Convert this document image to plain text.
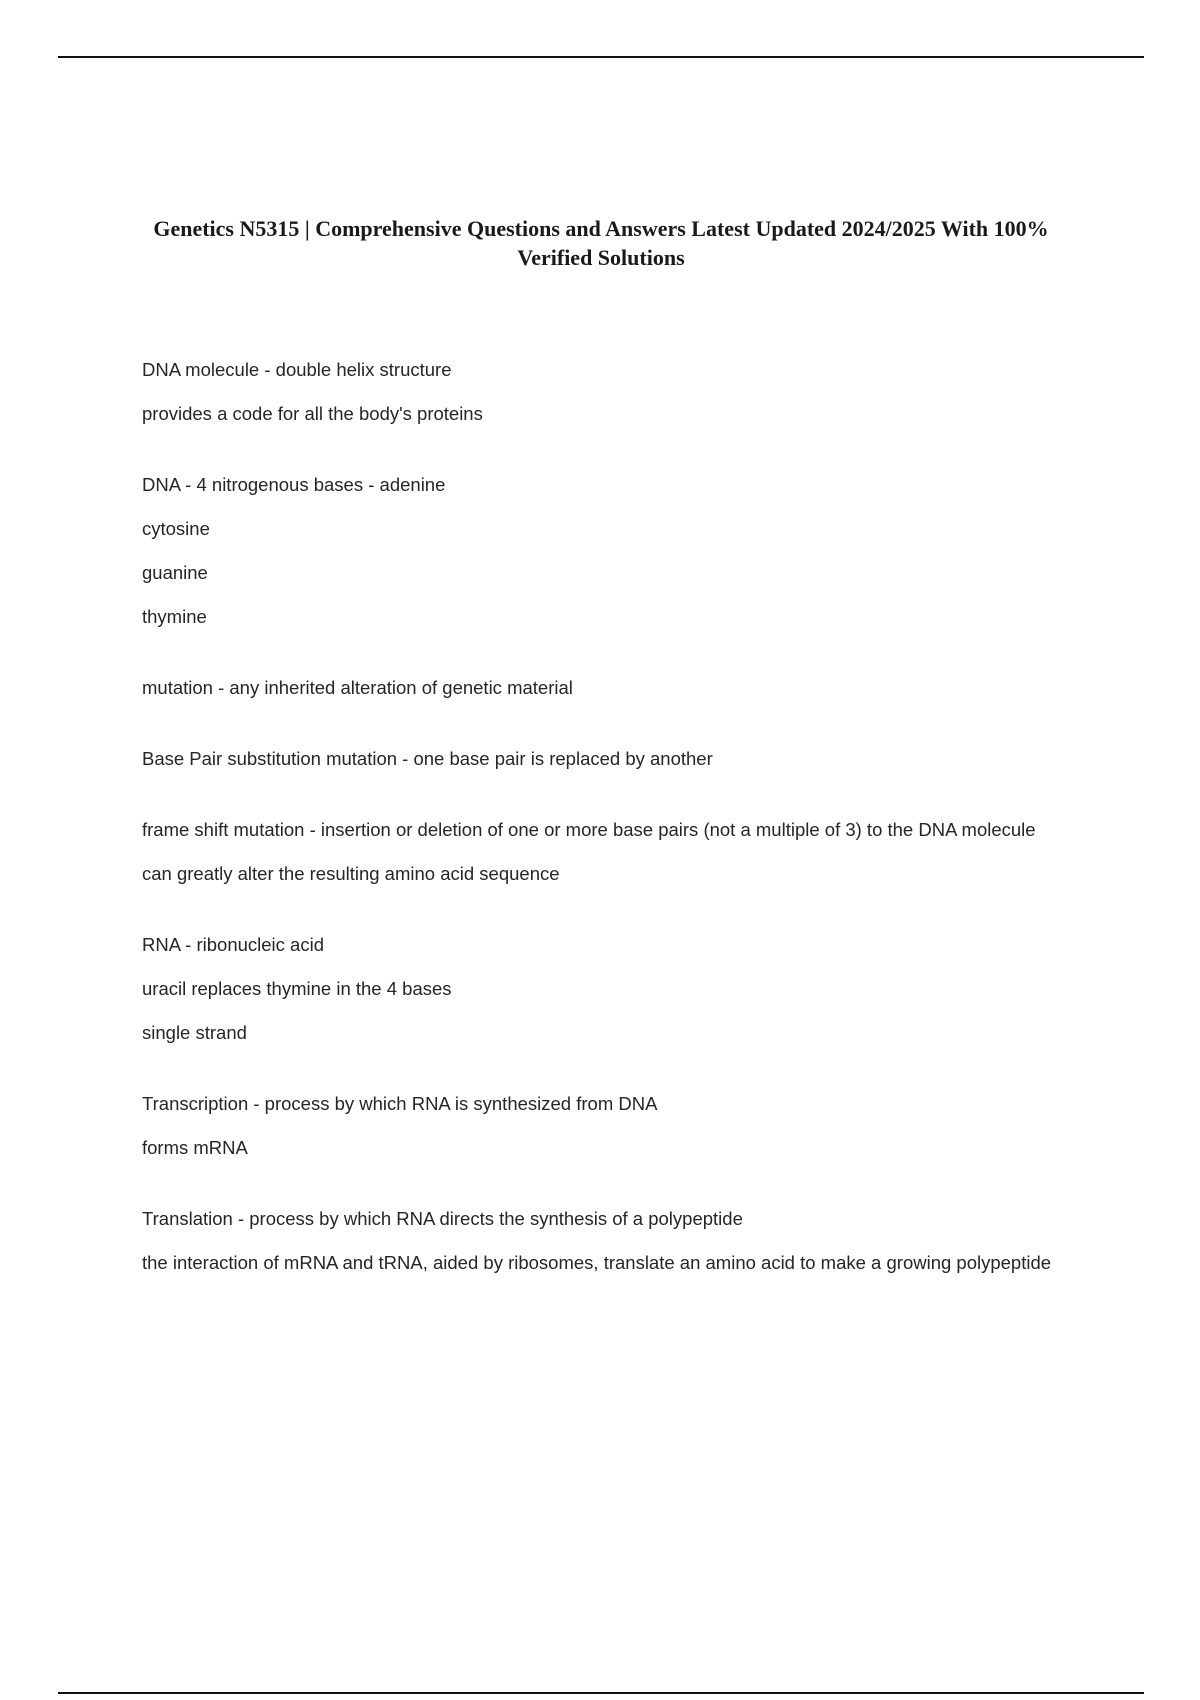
Genetics N5315 | Comprehensive Questions and Answers Latest Updated 2024/2025 With 100% Verified Solutions

DNA molecule - double helix structure

provides a code for all the body's proteins

DNA - 4 nitrogenous bases - adenine

cytosine

guanine

thymine

mutation - any inherited alteration of genetic material

Base Pair substitution mutation - one base pair is replaced by another

frame shift mutation - insertion or deletion of one or more base pairs (not a multiple of 3) to the DNA molecule

can greatly alter the resulting amino acid sequence

RNA - ribonucleic acid

uracil replaces thymine in the 4 bases

single strand

Transcription - process by which RNA is synthesized from DNA

forms mRNA

Translation - process by which RNA directs the synthesis of a polypeptide

the interaction of mRNA and tRNA, aided by ribosomes, translate an amino acid to make a growing polypeptide
